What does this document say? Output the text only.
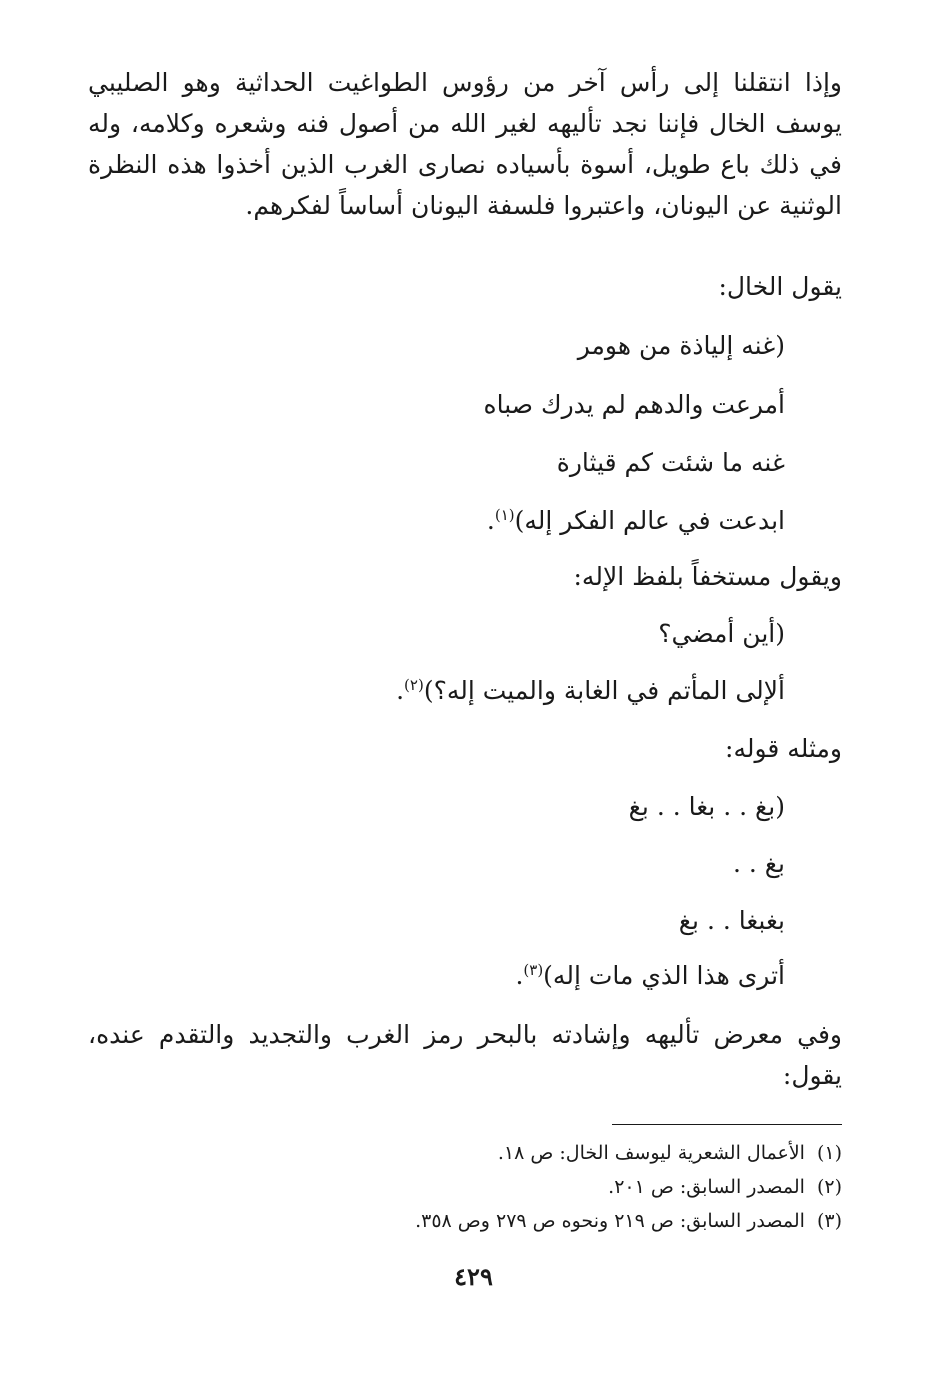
وإذا انتقلنا إلى رأس آخر من رؤوس الطواغيت الحداثية وهو الصليبي يوسف الخال فإننا نجد تأليهه لغير الله من أصول فنه وشعره وكلامه، وله في ذلك باع طويل، أسوة بأسياده نصارى الغرب الذين أخذوا هذه النظرة الوثنية عن اليونان، واعتبروا فلسفة اليونان أساساً لفكرهم.

يقول الخال:
(غنه إلياذة من هومر
أمرعت والدهم لم يدرك صباه
غنه ما شئت كم قيثارة
ابدعت في عالم الفكر إله)$^{(١)}$.
ويقول مستخفاً بلفظ الإله:
(أين أمضي؟
ألإلى المأتم في الغابة والميت إله؟)$^{(٢)}$.
ومثله قوله:
(بغ . . بغا . . بغ
بغ . .
بغبغا . . بغ
أترى هذا الذي مات إله)$^{(٣)}$.

وفي معرض تأليهه وإشادته بالبحر رمز الغرب والتجديد والتقدم عنده، يقول:

(١)الأعمال الشعرية ليوسف الخال: ص ١٨.
(٢)المصدر السابق: ص ٢٠١.
(٣)المصدر السابق: ص ٢١٩ ونحوه ص ٢٧٩ وص ٣٥٨.
٤٢٩
